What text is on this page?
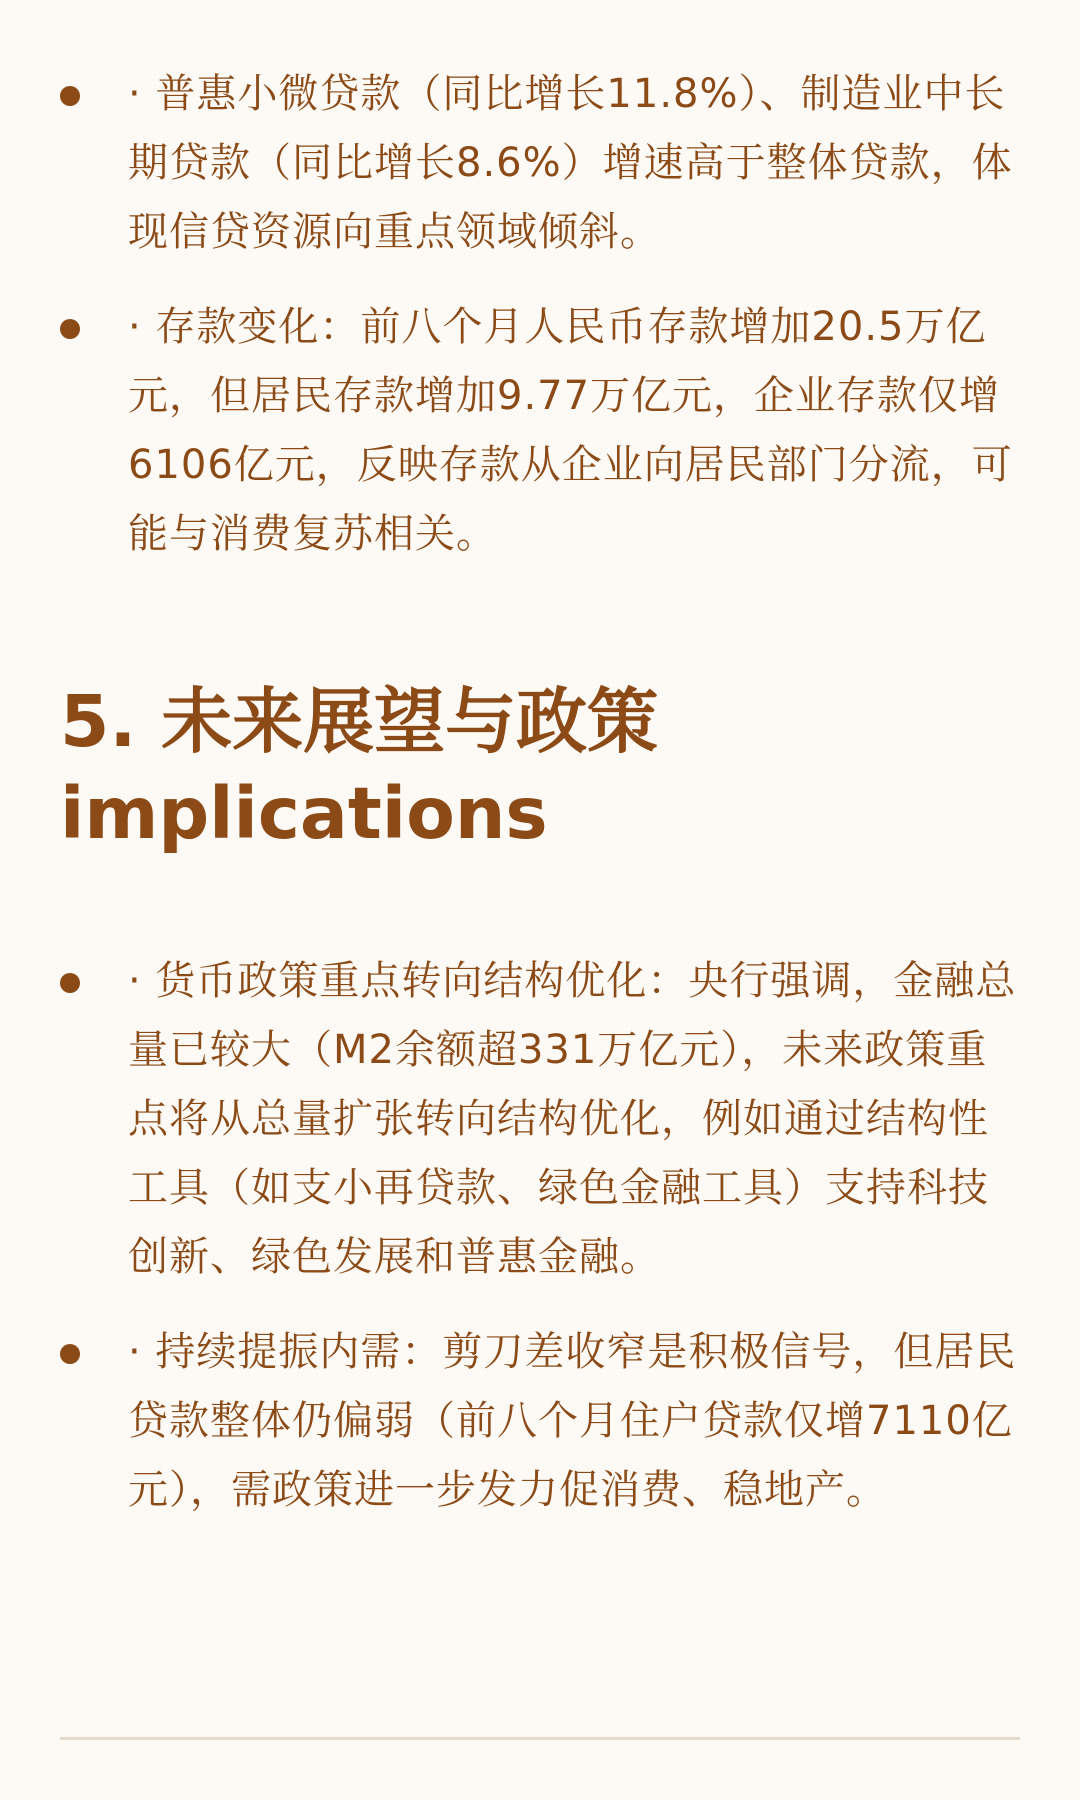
· 普惠小微贷款（同比增长11.8%）、制造业中长期贷款（同比增长8.6%）增速高于整体贷款，体现信贷资源向重点领域倾斜。

· 存款变化：前八个月人民币存款增加20.5万亿元，但居民存款增加9.77万亿元，企业存款仅增6106亿元，反映存款从企业向居民部门分流，可能与消费复苏相关。

5. 未来展望与政策implications

· 货币政策重点转向结构优化：央行强调，金融总量已较大（M2余额超331万亿元），未来政策重点将从总量扩张转向结构优化，例如通过结构性工具（如支小再贷款、绿色金融工具）支持科技创新、绿色发展和普惠金融。

· 持续提振内需：剪刀差收窄是积极信号，但居民贷款整体仍偏弱（前八个月住户贷款仅增7110亿元），需政策进一步发力促消费、稳地产。
